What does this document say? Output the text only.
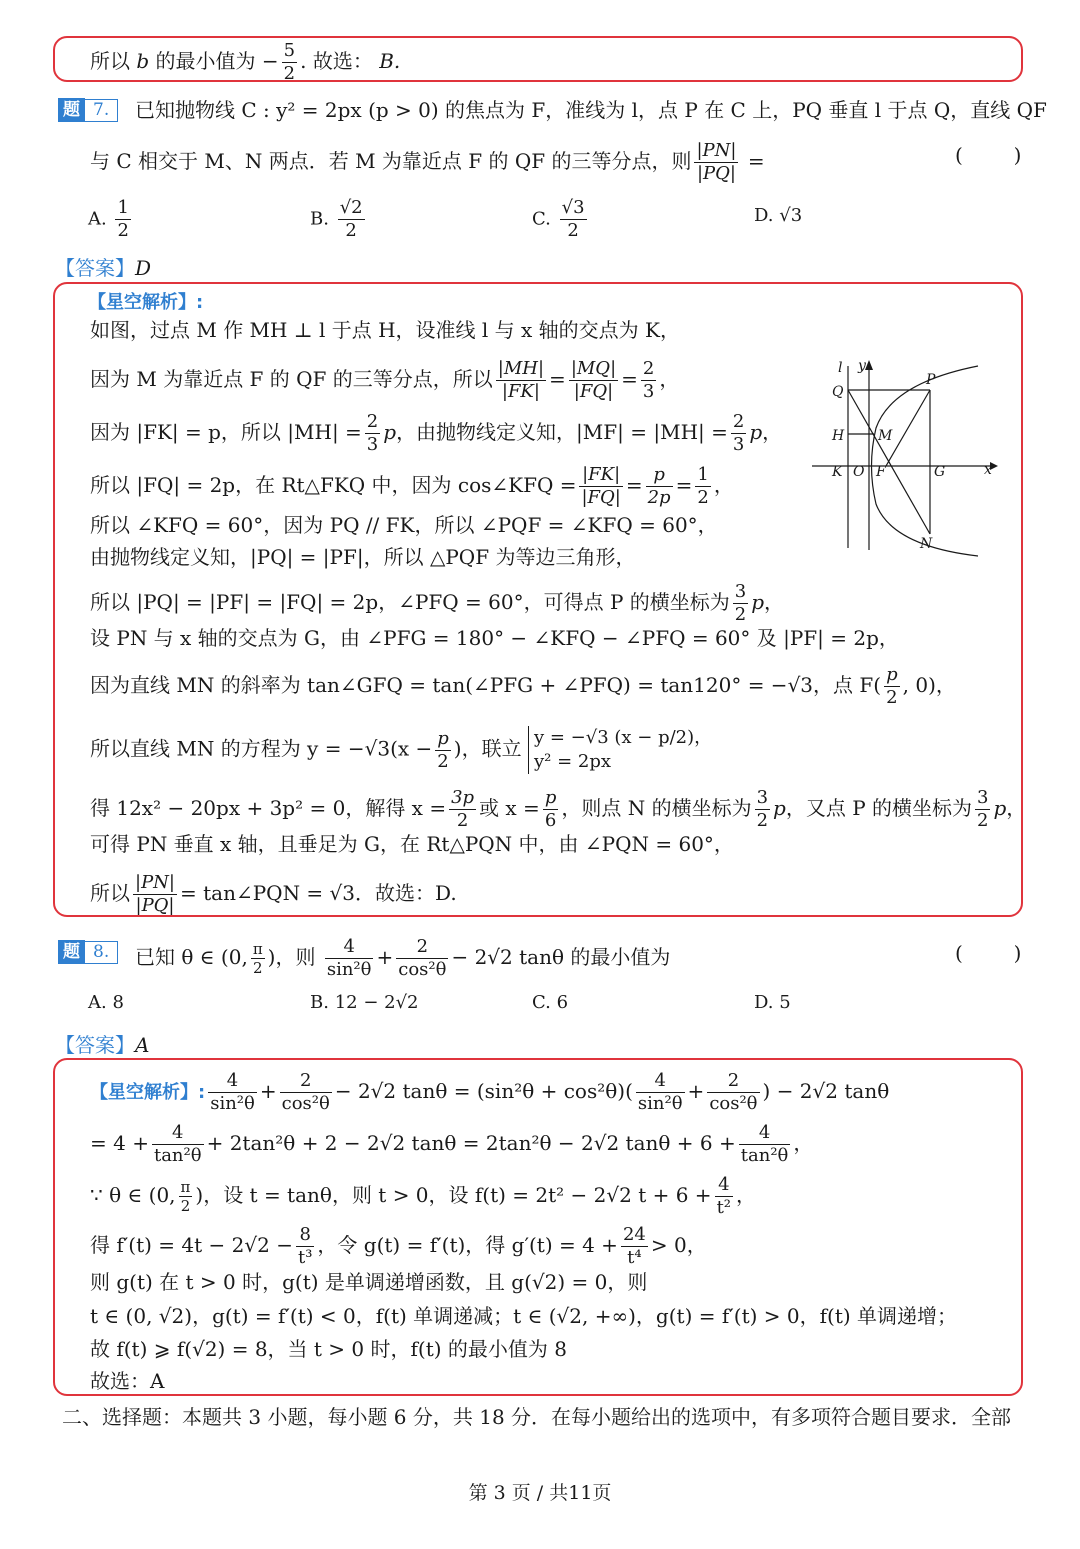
所以 b 的最小值为 − $\frac{5}{2}$ . 故选： B.
题 7.	已知抛物线 C : y² = 2px (p > 0) 的焦点为 F，准线为 l，点 P 在 C 上，PQ 垂直 l 于点 Q，直线 QF
与 C 相交于 M、N 两点．若 M 为靠近点 F 的 QF 的三等分点，则 $\frac{|PN|}{|PQ|}$ =	(        )
A. $\frac{1}{2}$	B. $\frac{√2}{2}$	C. $\frac{√3}{2}$	D. √3
【答案】D
【星空解析】:
如图，过点 M 作 MH ⊥ l 于点 H，设准线 l 与 x 轴的交点为 K，
因为 M 为靠近点 F 的 QF 的三等分点，所以 $\frac{|MH|}{|FK|} = \frac{|MQ|}{|FQ|} = \frac{2}{3}$ ，
因为 |FK| = p，所以 $|MH| = \frac{2}{3}$ p，由抛物线定义知，$|MF| = |MH| = \frac{2}{3}$ p，
所以 |FQ| = 2p，在 Rt△FKQ 中，因为 cos∠KFQ = $\frac{|FK|}{|FQ|} = \frac{p}{2p} = \frac{1}{2}$ ，
所以 ∠KFQ = 60°，因为 PQ // FK，所以 ∠PQF = ∠KFQ = 60°，
由抛物线定义知，|PQ| = |PF|，所以 △PQF 为等边三角形，
所以 |PQ| = |PF| = |FQ| = 2p，∠PFQ = 60°，可得点 P 的横坐标为 $\frac{3}{2}$ p，
设 PN 与 x 轴的交点为 G，由 ∠PFG = 180° − ∠KFQ − ∠PFQ = 60° 及 |PF| = 2p，
因为直线 MN 的斜率为 tan∠GFQ = tan(∠PFG + ∠PFQ) = tan120° = −√3，点 $F( \frac{p}{2}$ , 0)，
所以直线 MN 的方程为 $y = -√3(x - \frac{p}{2}$ )，联立 y = −√3 (x − p/2)，
y² = 2px
得 12x² − 20px + 3p² = 0，解得 $x = \frac{3p}{2}$ 或 $x = \frac{p}{6}$ ，则点 N 的横坐标为 $\frac{3}{2}$ p，又点 P 的横坐标为 $\frac{3}{2}$ p，
可得 PN 垂直 x 轴，且垂足为 G，在 Rt△PQN 中，由 ∠PQN = 60°，
所以 $\frac{|PN|}{|PQ|}$ = tan∠PQN = √3．故选：D.
l y
x
Q
P
H M
K O F	G
N
题 8.	已知 θ ∈ (0, $\frac{\pi}{2}$ )，则 $\frac{4}{\text{sin²θ}} + \frac{2}{\text{cos²θ}} - 2√2$ tanθ 的最小值为	(        )
A. 8	B. 12 − 2√2	C. 6	D. 5
【答案】A
【星空解析】: $\frac{4}{\text{sin²θ}} + \frac{2}{\text{cos²θ}} - 2√2$ $\tan\theta = (\sin^2\theta + \cos^2\theta)( \frac{4}{\text{sin²θ}} + \frac{2}{\text{cos²θ}}$ ) − 2√2 tanθ
= $4 + \frac{4}{\text{tan²θ}} + 2\tan^2\theta + 2 - 2√2$ tanθ = 2tan²θ − 2√2 $\tan\theta + 6 + \frac{4}{\text{tan²θ}}$ ，
∵ θ ∈ (0, $\frac{\pi}{2}$ )，设 t = tanθ，则 t > 0，设 f(t) = 2t² − 2√2 $t + 6 + \frac{4}{\text{t²}}$ ，
得 $f'(t) = 4t - 2√2 - \frac{8}{\text{t³}}$ ，令 g(t) = f′(t)，得 $g'(t) = 4 + \frac{24}{\text{t⁴}} > 0$，
则 g(t) 在 t > 0 时，g(t) 是单调递增函数，且 g(√2) = 0，则
t ∈ (0, √2)，g(t) = f′(t) < 0，f(t) 单调递减；t ∈ (√2, +∞)，g(t) = f′(t) > 0，f(t) 单调递增；
故 f(t) ⩾ f(√2) = 8，当 t > 0 时，f(t) 的最小值为 8
故选：A
二、选择题：本题共 3 小题，每小题 6 分，共 18 分．在每小题给出的选项中，有多项符合题目要求．全部
第 3 页 / 共11页
